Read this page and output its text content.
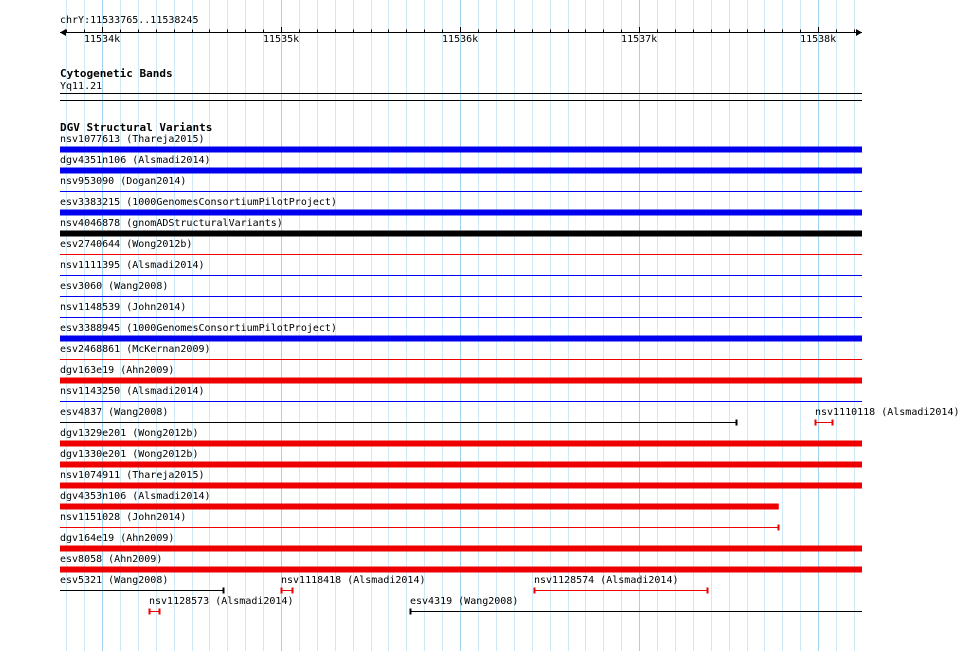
chrY:11533765..11538245
11534k	11535k	11536k	11537k	11538k
Cytogenetic Bands
Yq11.21
DGV Structural Variants
nsv1077613 (Thareja2015)
dgv4351n106 (Alsmadi2014)
nsv953090 (Dogan2014)
esv3383215 (1000GenomesConsortiumPilotProject)
nsv4046878 (gnomADStructuralVariants)
esv2740644 (Wong2012b)
nsv1111395 (Alsmadi2014)
esv3060 (Wang2008)
nsv1148539 (John2014)
esv3388945 (1000GenomesConsortiumPilotProject)
esv2468861 (McKernan2009)
dgv163e19 (Ahn2009)
nsv1143250 (Alsmadi2014)
esv4837 (Wang2008)	nsv1110118 (Alsmadi2014)
dgv1329e201 (Wong2012b)
dgv1330e201 (Wong2012b)
nsv1074911 (Thareja2015)
dgv4353n106 (Alsmadi2014)
nsv1151028 (John2014)
dgv164e19 (Ahn2009)
esv8058 (Ahn2009)
esv5321 (Wang2008)	nsv1118418 (Alsmadi2014)	nsv1128574 (Alsmadi2014)
nsv1128573 (Alsmadi2014)	esv4319 (Wang2008)
